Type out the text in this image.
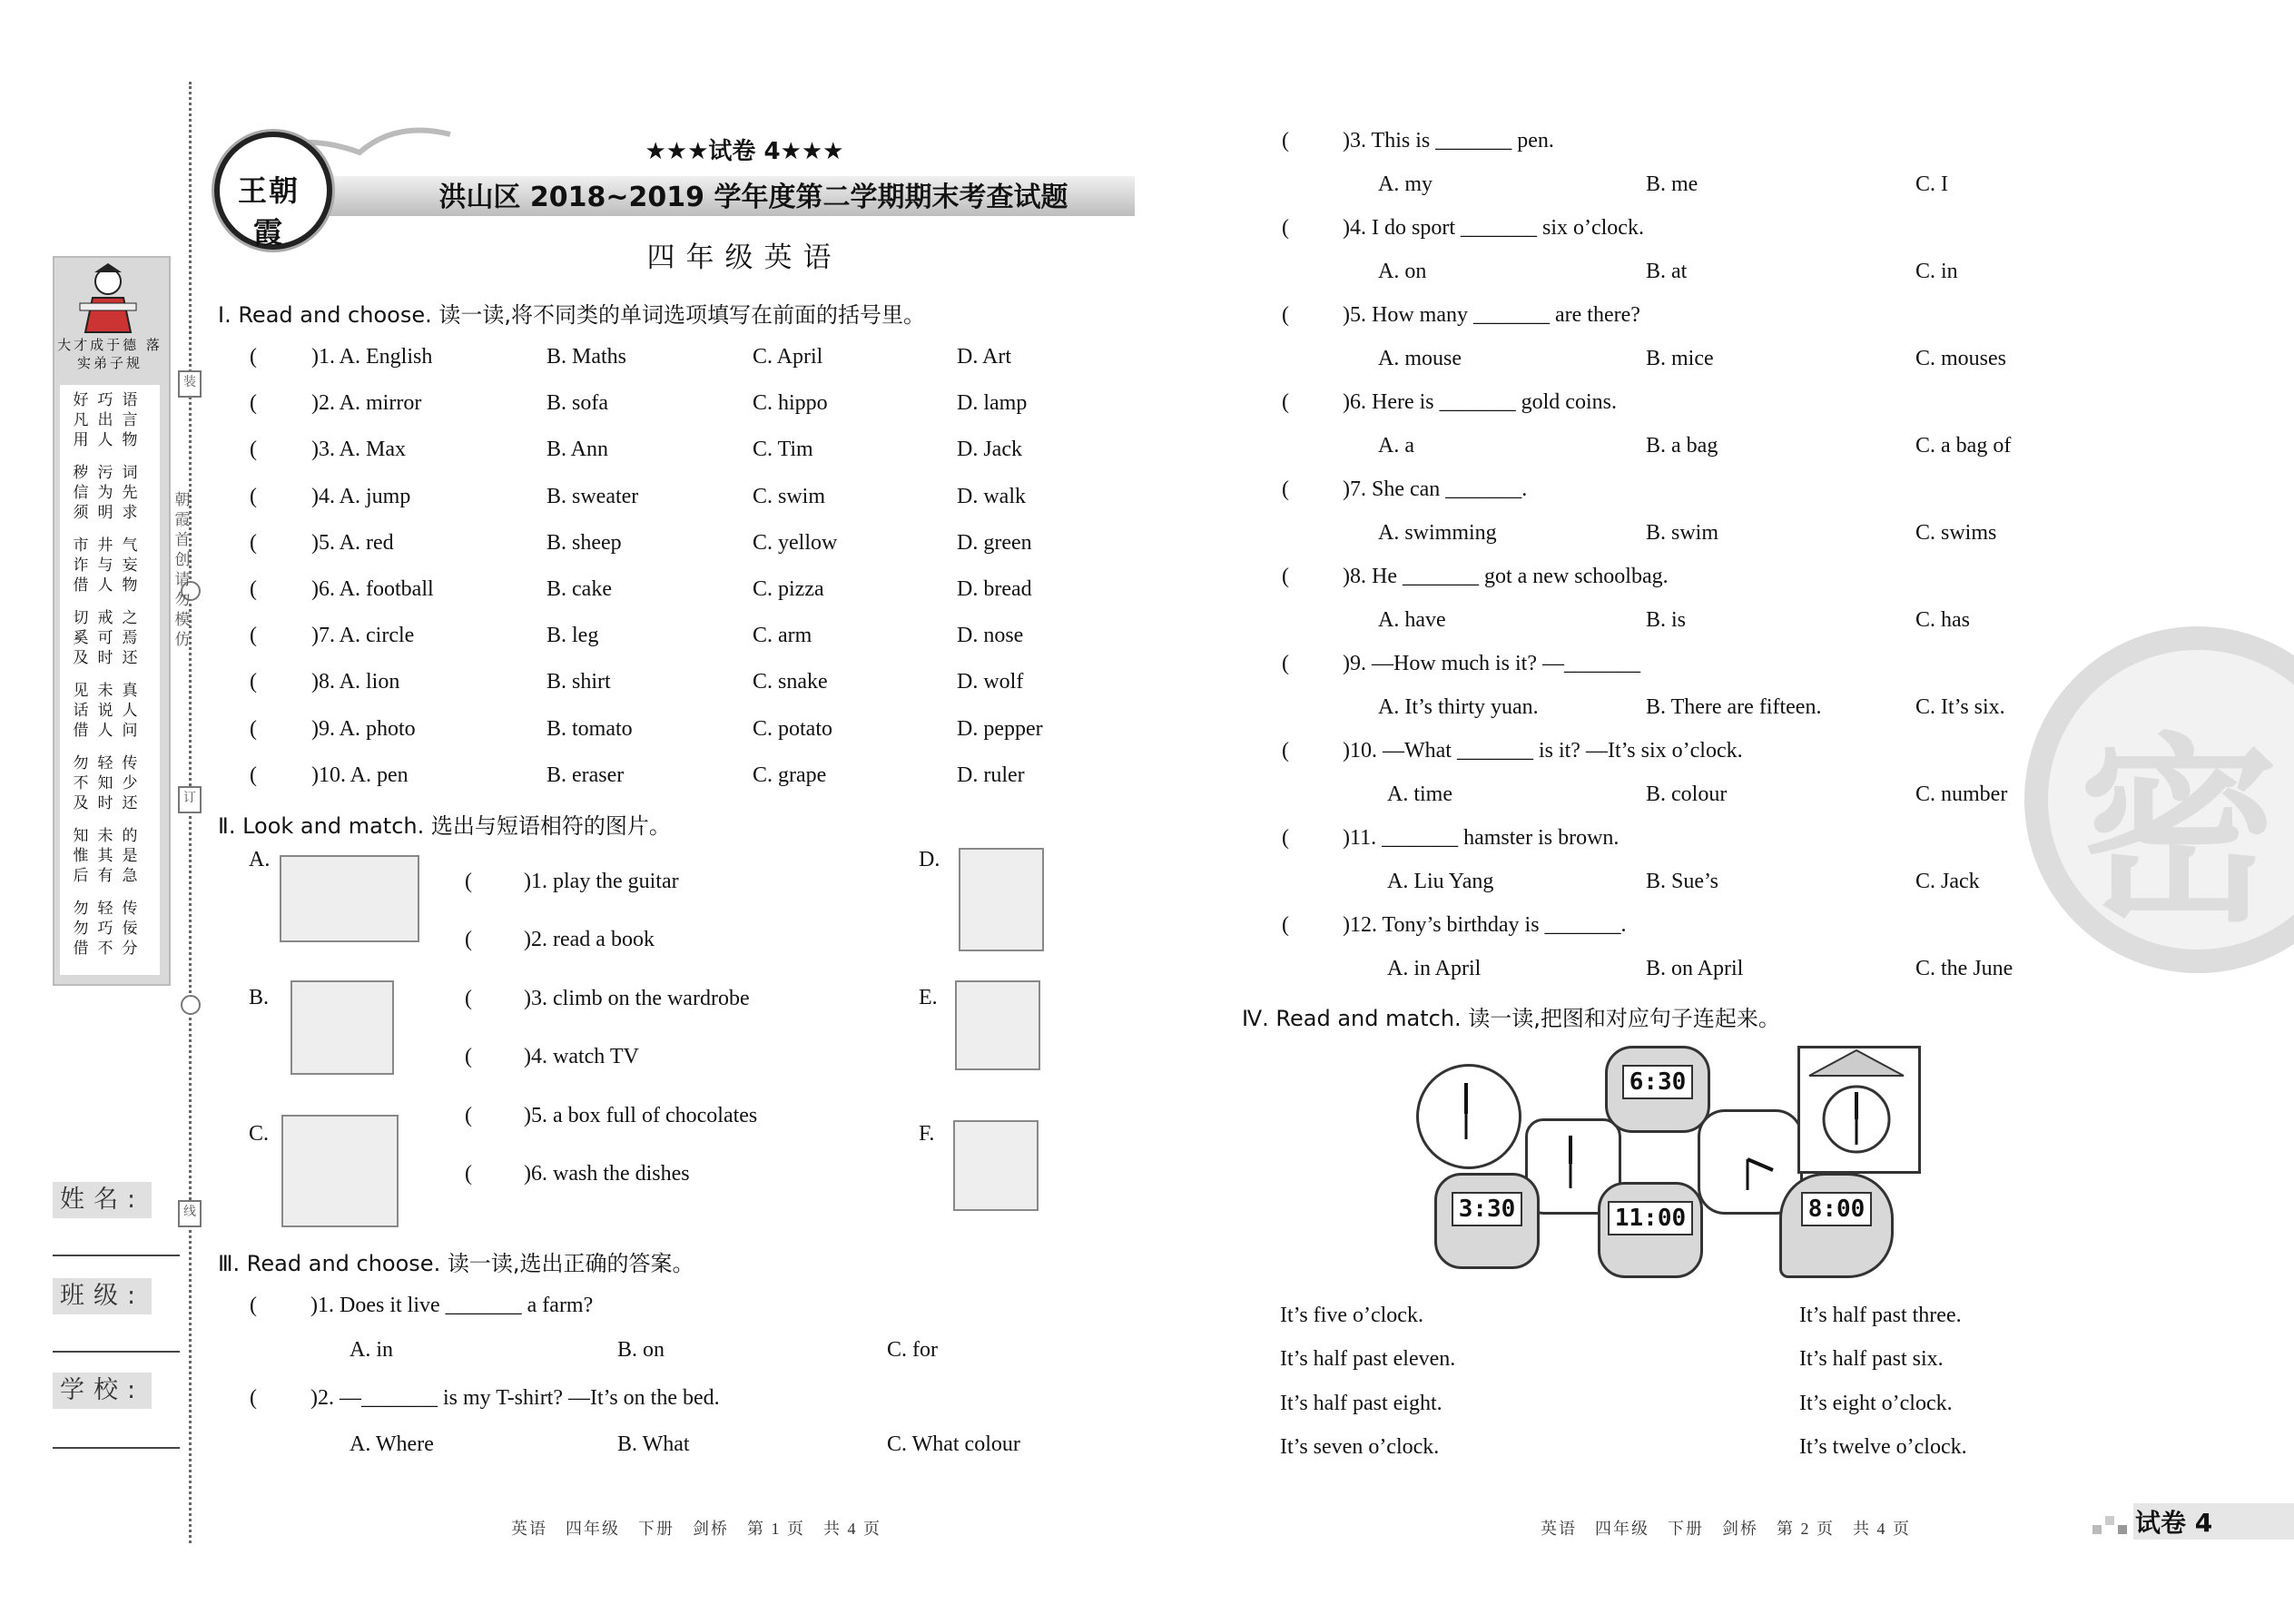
装
订
线
朝霞首创 请勿模仿
大才成于德 落实弟子规
好巧语 凡出言 用人物
秽污词 信为先 须明求
市井气 诈与妄 借人物
切戒之 奚可焉 及时还
见未真 话说人 借人问
勿轻传 不知少 及时还
知未的 惟其是 后有急
勿轻传 勿巧佞 借不分
姓名:
班级:
学校:
王朝霞
★★★试卷 4★★★
洪山区 2018~2019 学年度第二学期期末考查试题
四年级英语
Ⅰ. Read and choose. 读一读,将不同类的单词选项填写在前面的括号里。
(	)1. A. English	B. Maths	C. April	D. Art
(	)2. A. mirror	B. sofa	C. hippo	D. lamp
(	)3. A. Max	B. Ann	C. Tim	D. Jack
(	)4. A. jump	B. sweater	C. swim	D. walk
(	)5. A. red	B. sheep	C. yellow	D. green
(	)6. A. football	B. cake	C. pizza	D. bread
(	)7. A. circle	B. leg	C. arm	D. nose
(	)8. A. lion	B. shirt	C. snake	D. wolf
(	)9. A. photo	B. tomato	C. potato	D. pepper
(	)10. A. pen	B. eraser	C. grape	D. ruler
Ⅱ. Look and match. 选出与短语相符的图片。
A.
B.
C.
D.
E.
F.
( )1. play the guitar
( )2. read a book
( )3. climb on the wardrobe
( )4. watch TV
( )5. a box full of chocolates
( )6. wash the dishes
Ⅲ. Read and choose. 读一读,选出正确的答案。
( )1. Does it live _______ a farm?
A. in	B. on	C. for
( )2. —_______ is my T-shirt? —It’s on the bed.
A. Where	B. What	C. What colour
( )3. This is _______ pen.
A. my	B. me	C. I
( )4. I do sport _______ six o’clock.
A. on	B. at	C. in
( )5. How many _______ are there?
A. mouse	B. mice	C. mouses
( )6. Here is _______ gold coins.
A. a	B. a bag	C. a bag of
( )7. She can _______.
A. swimming	B. swim	C. swims
( )8. He _______ got a new schoolbag.
A. have	B. is	C. has
( )9. —How much is it? —_______
A. It’s thirty yuan.	B. There are fifteen.	C. It’s six.
( )10. —What _______ is it? —It’s six o’clock.
A. time	B. colour	C. number
( )11. _______ hamster is brown.
A. Liu Yang	B. Sue’s	C. Jack
( )12. Tony’s birthday is _______.
A. in April	B. on April	C. the June
密
Ⅳ. Read and match. 读一读,把图和对应句子连起来。
6:30
3:30	11:00	8:00
It’s five o’clock.
It’s half past eleven.
It’s half past eight.
It’s seven o’clock.
It’s half past three.
It’s half past six.
It’s eight o’clock.
It’s twelve o’clock.
英语　四年级　下册　剑桥　第 1 页　共 4 页	英语　四年级　下册　剑桥　第 2 页　共 4 页	试卷 4
